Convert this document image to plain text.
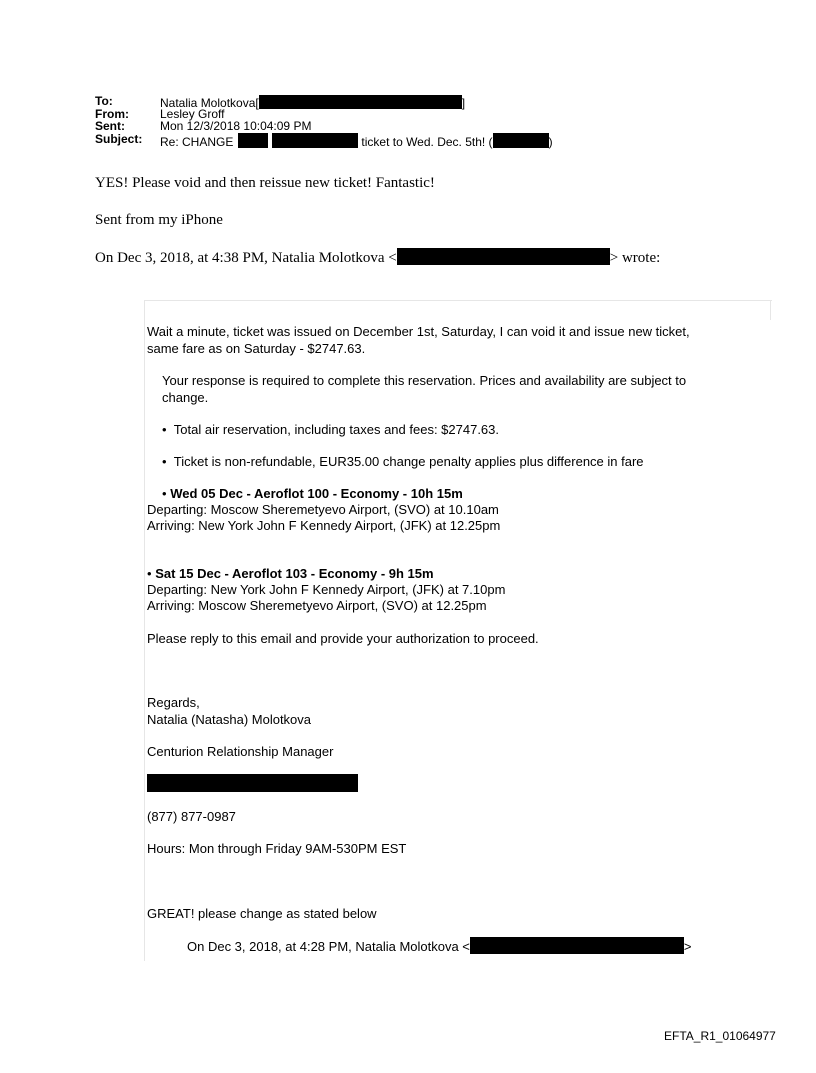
To:	Natalia Molotkova[	]
From:	Lesley Groff
Sent:	Mon 12/3/2018 10:04:09 PM
Subject:	Re: CHANGE	ticket to Wed. Dec. 5th! (	)
YES! Please void and then reissue new ticket! Fantastic!
Sent from my iPhone
On Dec 3, 2018, at 4:38 PM, Natalia Molotkova <	> wrote:
Wait a minute, ticket was issued on December 1st, Saturday, I can void it and issue new ticket,
same fare as on Saturday - $2747.63.
Your response is required to complete this reservation. Prices and availability are subject to
change.
• Total air reservation, including taxes and fees: $2747.63.
• Ticket is non-refundable, EUR35.00 change penalty applies plus difference in fare
• Wed 05 Dec - Aeroflot 100 - Economy - 10h 15m
Departing: Moscow Sheremetyevo Airport, (SVO) at 10.10am
Arriving: New York John F Kennedy Airport, (JFK) at 12.25pm
• Sat 15 Dec - Aeroflot 103 - Economy - 9h 15m
Departing: New York John F Kennedy Airport, (JFK) at 7.10pm
Arriving: Moscow Sheremetyevo Airport, (SVO) at 12.25pm
Please reply to this email and provide your authorization to proceed.
Regards,
Natalia (Natasha) Molotkova
Centurion Relationship Manager
(877) 877-0987
Hours: Mon through Friday 9AM-530PM EST
GREAT! please change as stated below
On Dec 3, 2018, at 4:28 PM, Natalia Molotkova <	>
EFTA_R1_01064977
